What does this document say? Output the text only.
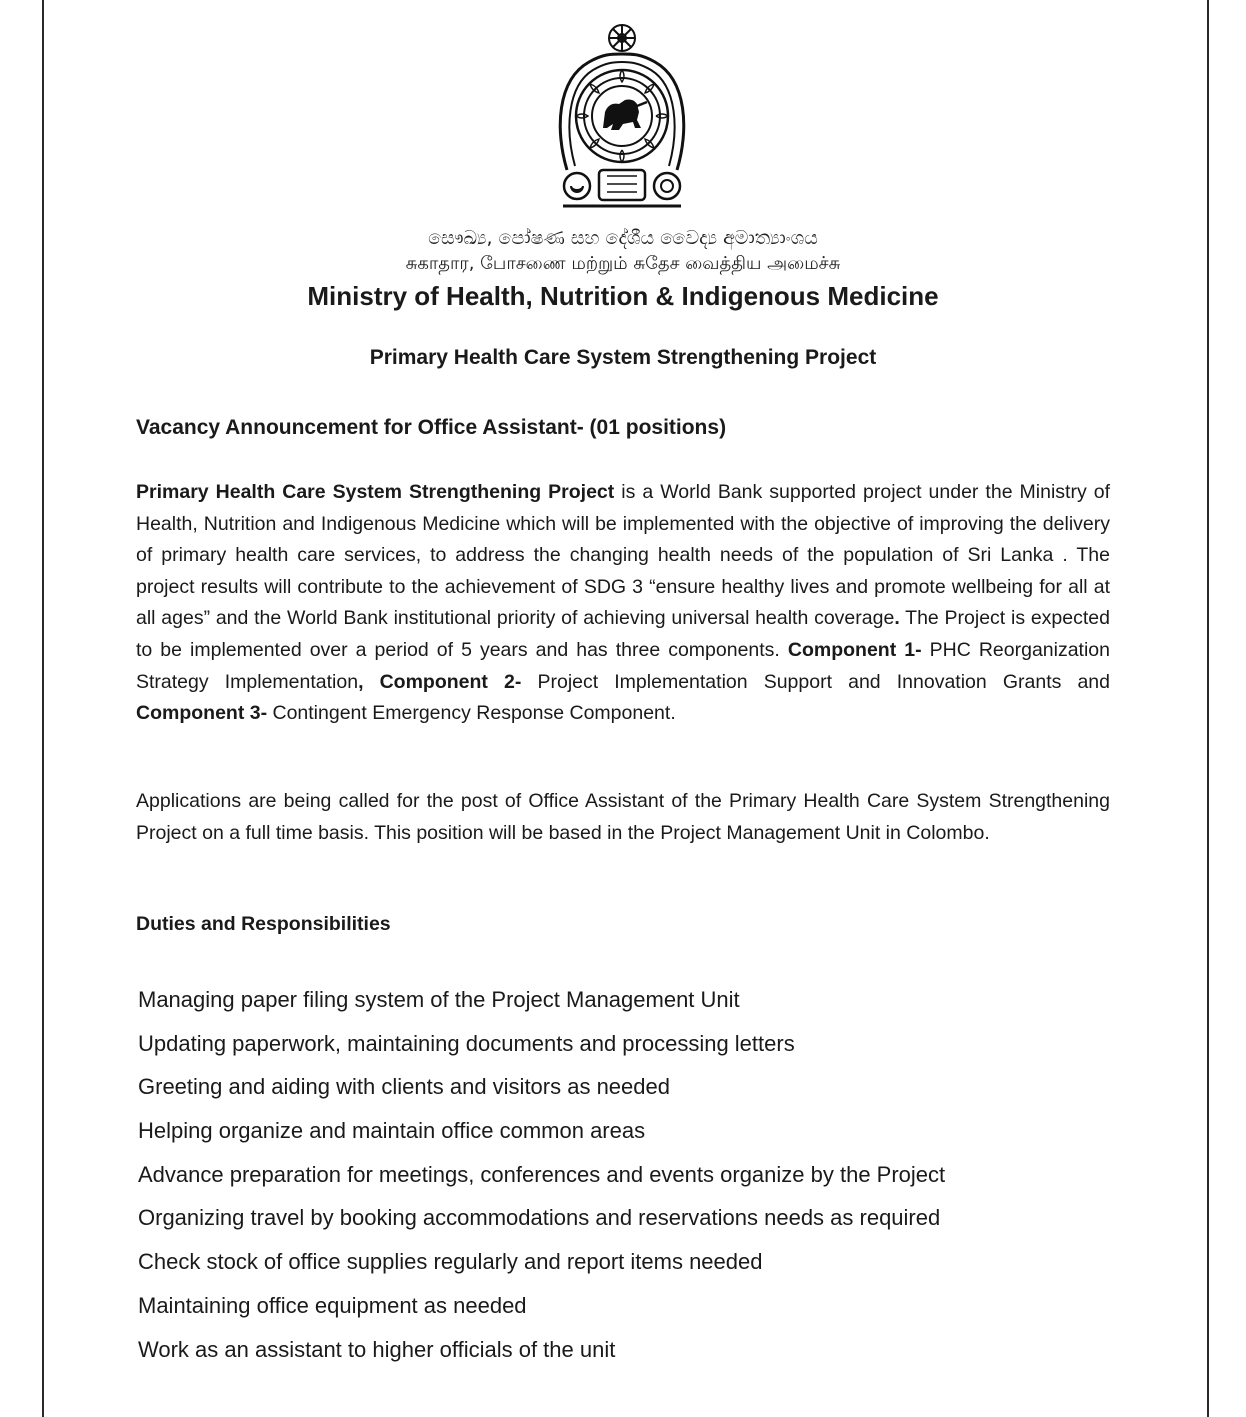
සෞඛ්‍ය, පෝෂණ සහ දේශීය වෛද්‍ය අමාත්‍යාංශය

சுகாதார, போசணை மற்றும் சுதேச வைத்திய அமைச்சு

Ministry of Health, Nutrition & Indigenous Medicine

Primary Health Care System Strengthening Project

Vacancy Announcement for Office Assistant- (01 positions)

Primary Health Care System Strengthening Project is a World Bank supported project under the Ministry of Health, Nutrition and Indigenous Medicine which will be implemented with the objective of improving the delivery of primary health care services, to address the changing health needs of the population of Sri Lanka . The project results will contribute to the achievement of SDG 3 “ensure healthy lives and promote wellbeing for all at all ages” and the World Bank institutional priority of achieving universal health coverage. The Project is expected to be implemented over a period of 5 years and has three components. Component 1- PHC Reorganization Strategy Implementation, Component 2- Project Implementation Support and Innovation Grants and Component 3- Contingent Emergency Response Component.

Applications are being called for the post of Office Assistant of the Primary Health Care System Strengthening Project on a full time basis. This position will be based in the Project Management Unit in Colombo.

Duties and Responsibilities

Managing paper filing system of the Project Management Unit
Updating paperwork, maintaining documents and processing letters
Greeting and aiding with clients and visitors as needed
Helping organize and maintain office common areas
Advance preparation for meetings, conferences and events organize by the Project
Organizing travel by booking accommodations and reservations needs as required
Check stock of office supplies regularly and report items needed
Maintaining office equipment as needed
Work as an assistant to higher officials of the unit
